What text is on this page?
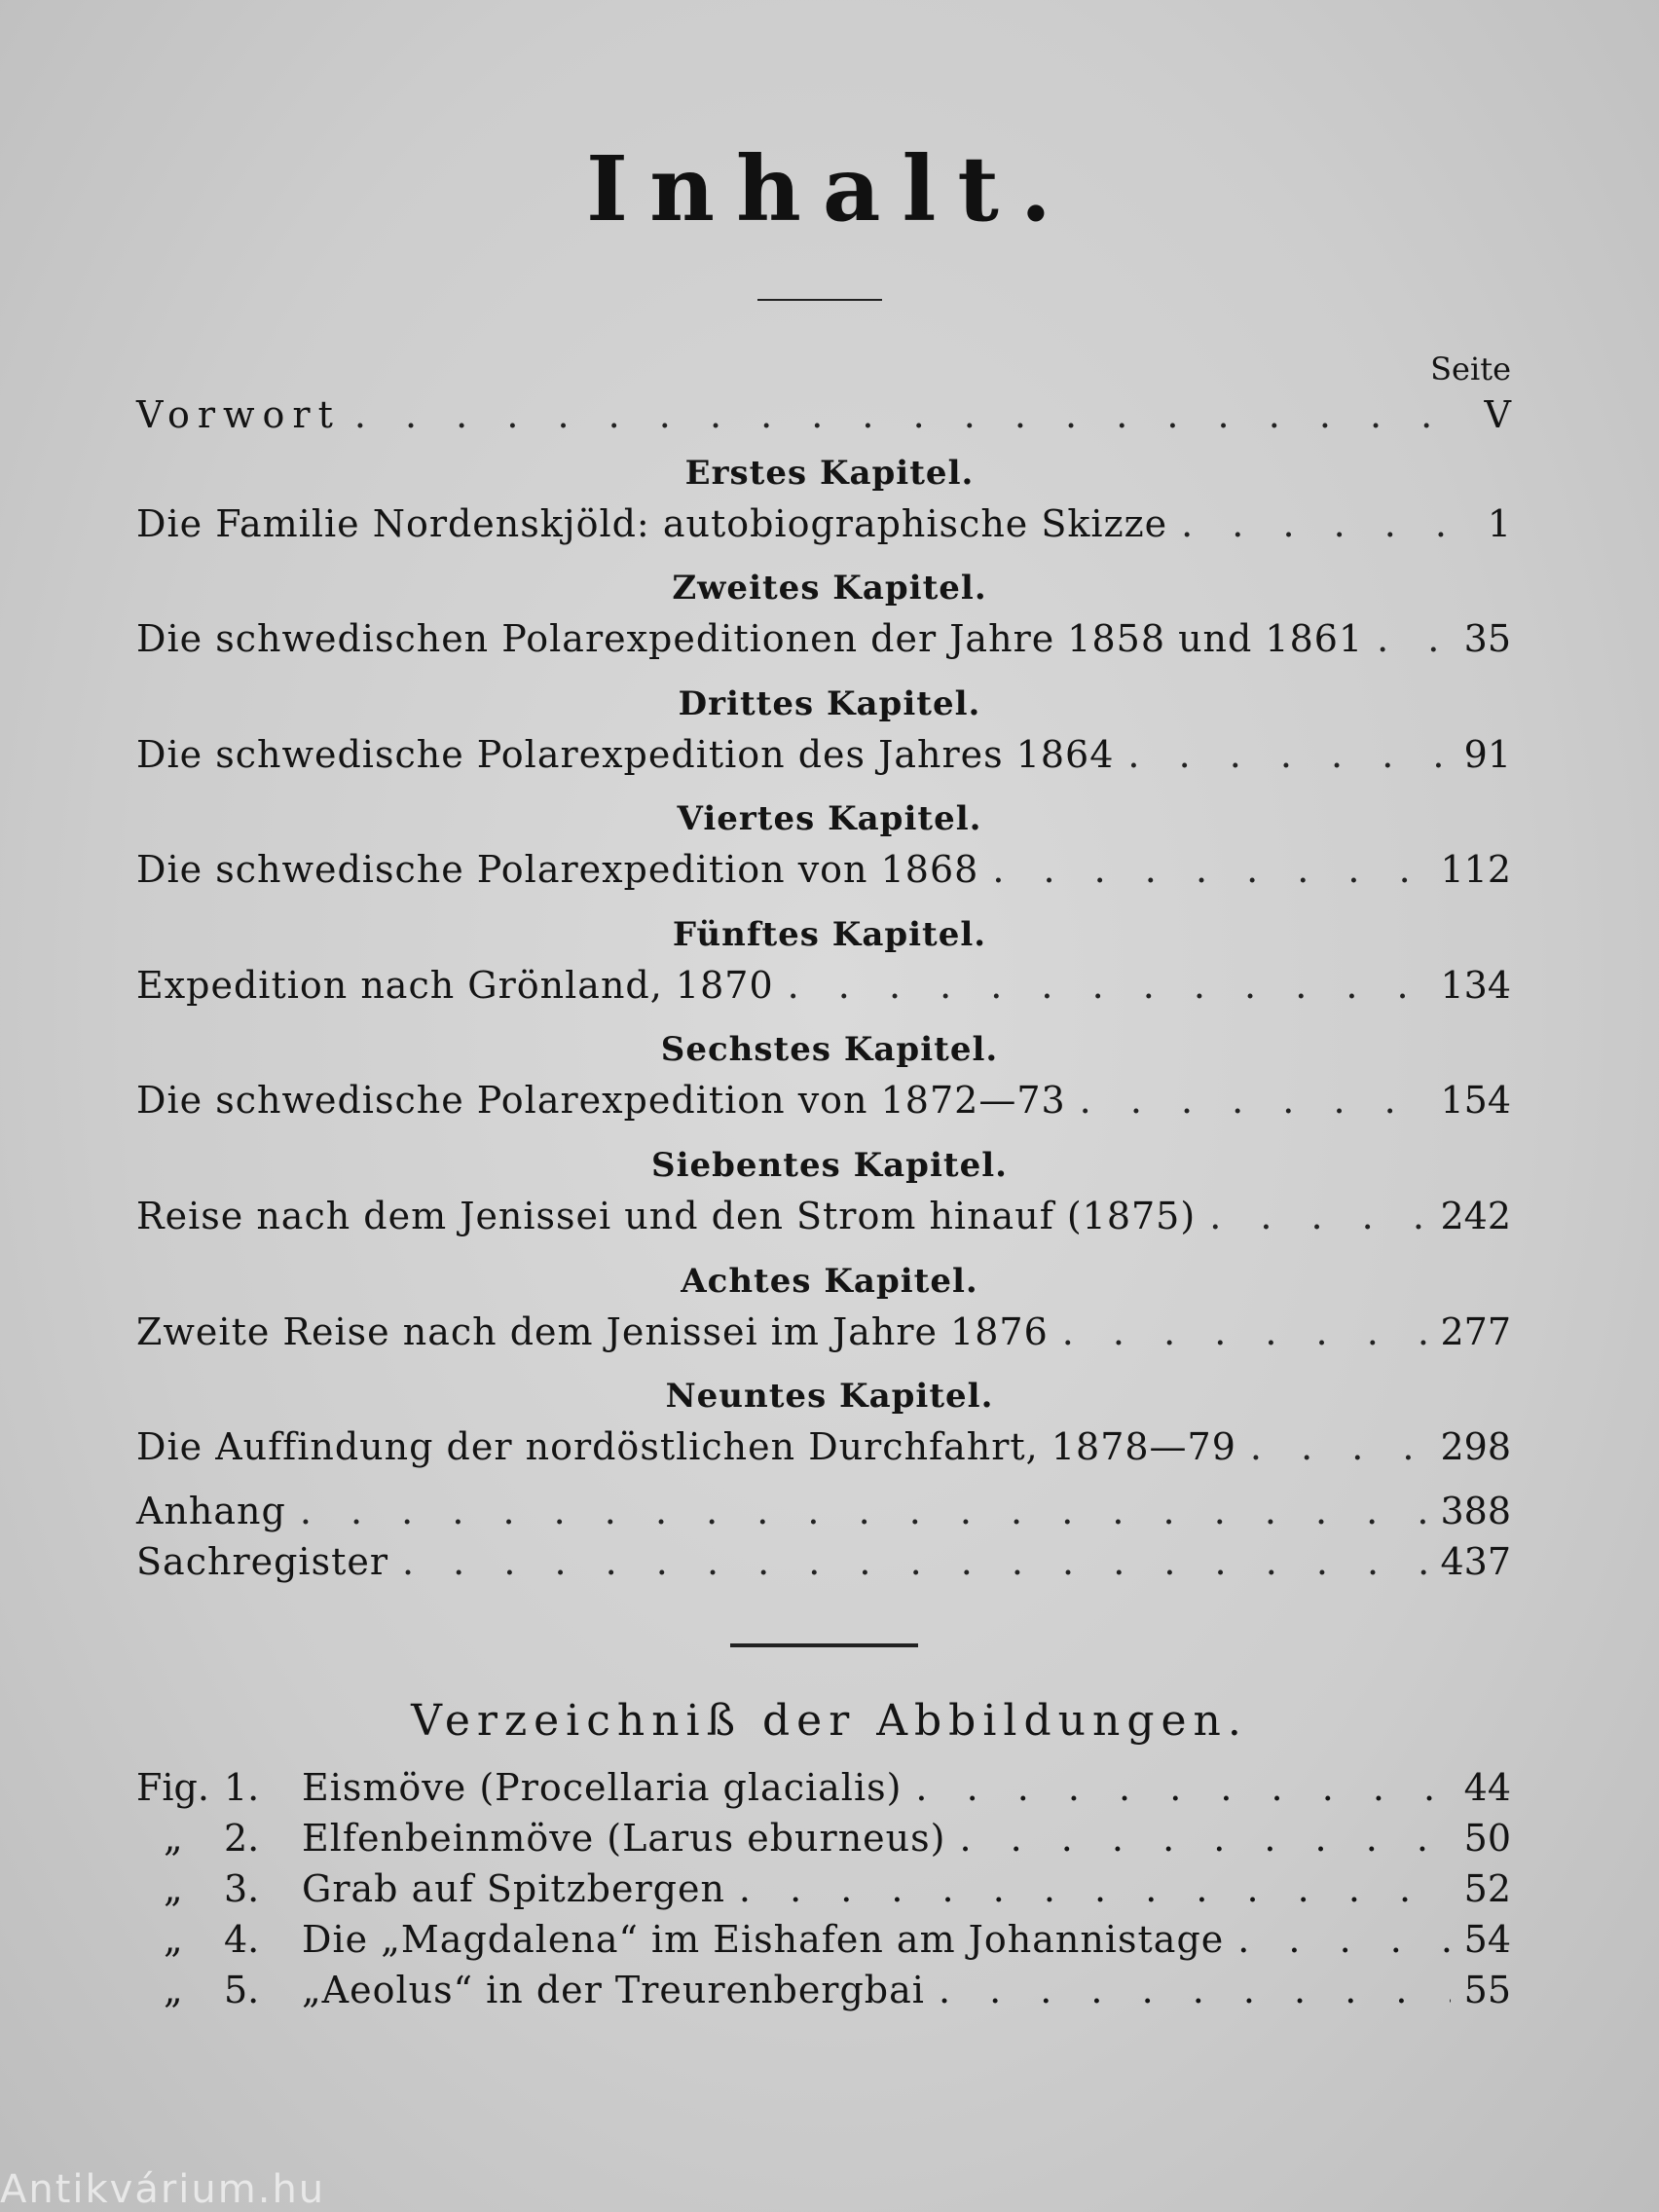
Inhalt.
Seite
Vorwort . . .	V
Erstes Kapitel.
Die Familie Nordenskjöld: autobiographische Skizze . . .	1
Zweites Kapitel.
Die schwedischen Polarexpeditionen der Jahre 1858 und 1861 . . .	35
Drittes Kapitel.
Die schwedische Polarexpedition des Jahres 1864 . . .	91
Viertes Kapitel.
Die schwedische Polarexpedition von 1868 . . .	112
Fünftes Kapitel.
Expedition nach Grönland, 1870 . . .	134
Sechstes Kapitel.
Die schwedische Polarexpedition von 1872—73 . . .	154
Siebentes Kapitel.
Reise nach dem Jenissei und den Strom hinauf (1875) . . .	242
Achtes Kapitel.
Zweite Reise nach dem Jenissei im Jahre 1876 . . .	277
Neuntes Kapitel.
Die Auffindung der nordöstlichen Durchfahrt, 1878—79 . . .	298
Anhang . . .	388
Sachregister . . .	437
Verzeichniß der Abbildungen.
Fig. 1.	Eismöve (Procellaria glacialis) . . .	44
„	2.	Elfenbeinmöve (Larus eburneus) . . .	50
„	3.	Grab auf Spitzbergen . . .	52
„	4.	Die „Magdalena“ im Eishafen am Johannistage . . .	54
„	5.	„Aeolus“ in der Treurenbergbai . . .	55
Antikvárium.hu
